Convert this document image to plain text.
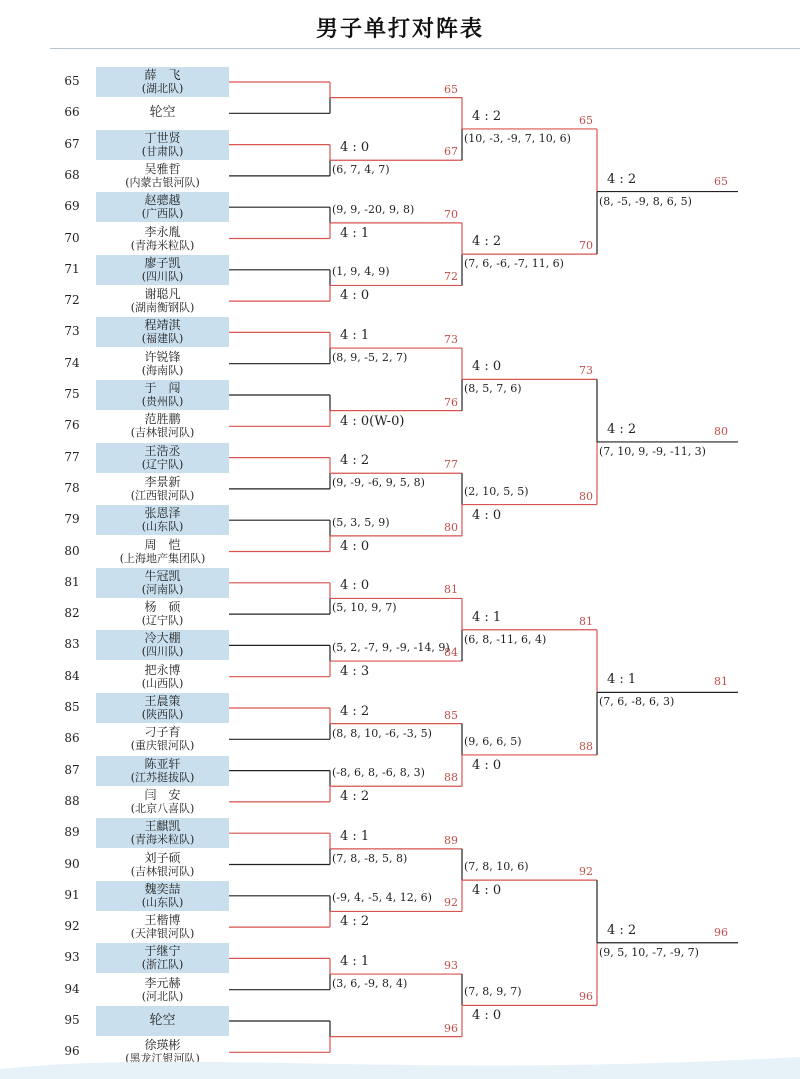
男子单打对阵表
65	薛　飞
(湖北队)
66	轮空
67	丁世贤
(甘肃队)
68	吴雅哲
(内蒙古银河队)
69	赵骢越
(广西队)
70	李永胤
(青海米粒队)
71	廖子凯
(四川队)
72	谢聪凡
(湖南衡钢队)
73	程靖淇
(福建队)
74	许锐锋
(海南队)
75	于　闯
(贵州队)
76	范胜鹏
(吉林银河队)
77	王浩丞
(辽宁队)
78	李景新
(江西银河队)
79	张恩泽
(山东队)
80	周　恺
(上海地产集团队)
81	牛冠凯
(河南队)
82	杨　硕
(辽宁队)
83	冷大棚
(四川队)
84	把永博
(山西队)
85	王晨策
(陕西队)
86	刁子育
(重庆银河队)
87	陈亚轩
(江苏挺拔队)
88	闫　安
(北京八喜队)
89	王麒凯
(青海米粒队)
90	刘子硕
(吉林银河队)
91	魏奕喆
(山东队)
92	王楷博
(天津银河队)
93	于继宁
(浙江队)
94	李元赫
(河北队)
95	轮空
96	徐瑛彬
(黑龙江银河队)
65
67
4 : 0
(6, 7, 4, 7)
70
4 : 1
(9, 9, -20, 9, 8)
72
4 : 0
(1, 9, 4, 9)
73
4 : 1
(8, 9, -5, 2, 7)
76
4 : 0(W-0)
77
4 : 2
(9, -9, -6, 9, 5, 8)
80
4 : 0
(5, 3, 5, 9)
81
4 : 0
(5, 10, 9, 7)
84
4 : 3
(5, 2, -7, 9, -9, -14, 9)
85
4 : 2
(8, 8, 10, -6, -3, 5)
88
4 : 2
(-8, 6, 8, -6, 8, 3)
89
4 : 1
(7, 8, -8, 5, 8)
92
4 : 2
(-9, 4, -5, 4, 12, 6)
93
4 : 1
(3, 6, -9, 8, 4)
96
65
4 : 2
(10, -3, -9, 7, 10, 6)
70
4 : 2
(7, 6, -6, -7, 11, 6)
73
4 : 0
(8, 5, 7, 6)
80
4 : 0
(2, 10, 5, 5)
81
4 : 1
(6, 8, -11, 6, 4)
88
4 : 0
(9, 6, 6, 5)
92
4 : 0
(7, 8, 10, 6)
96
4 : 0
(7, 8, 9, 7)
65
4 : 2
(8, -5, -9, 8, 6, 5)
80
4 : 2
(7, 10, 9, -9, -11, 3)
81
4 : 1
(7, 6, -8, 6, 3)
96
4 : 2
(9, 5, 10, -7, -9, 7)
